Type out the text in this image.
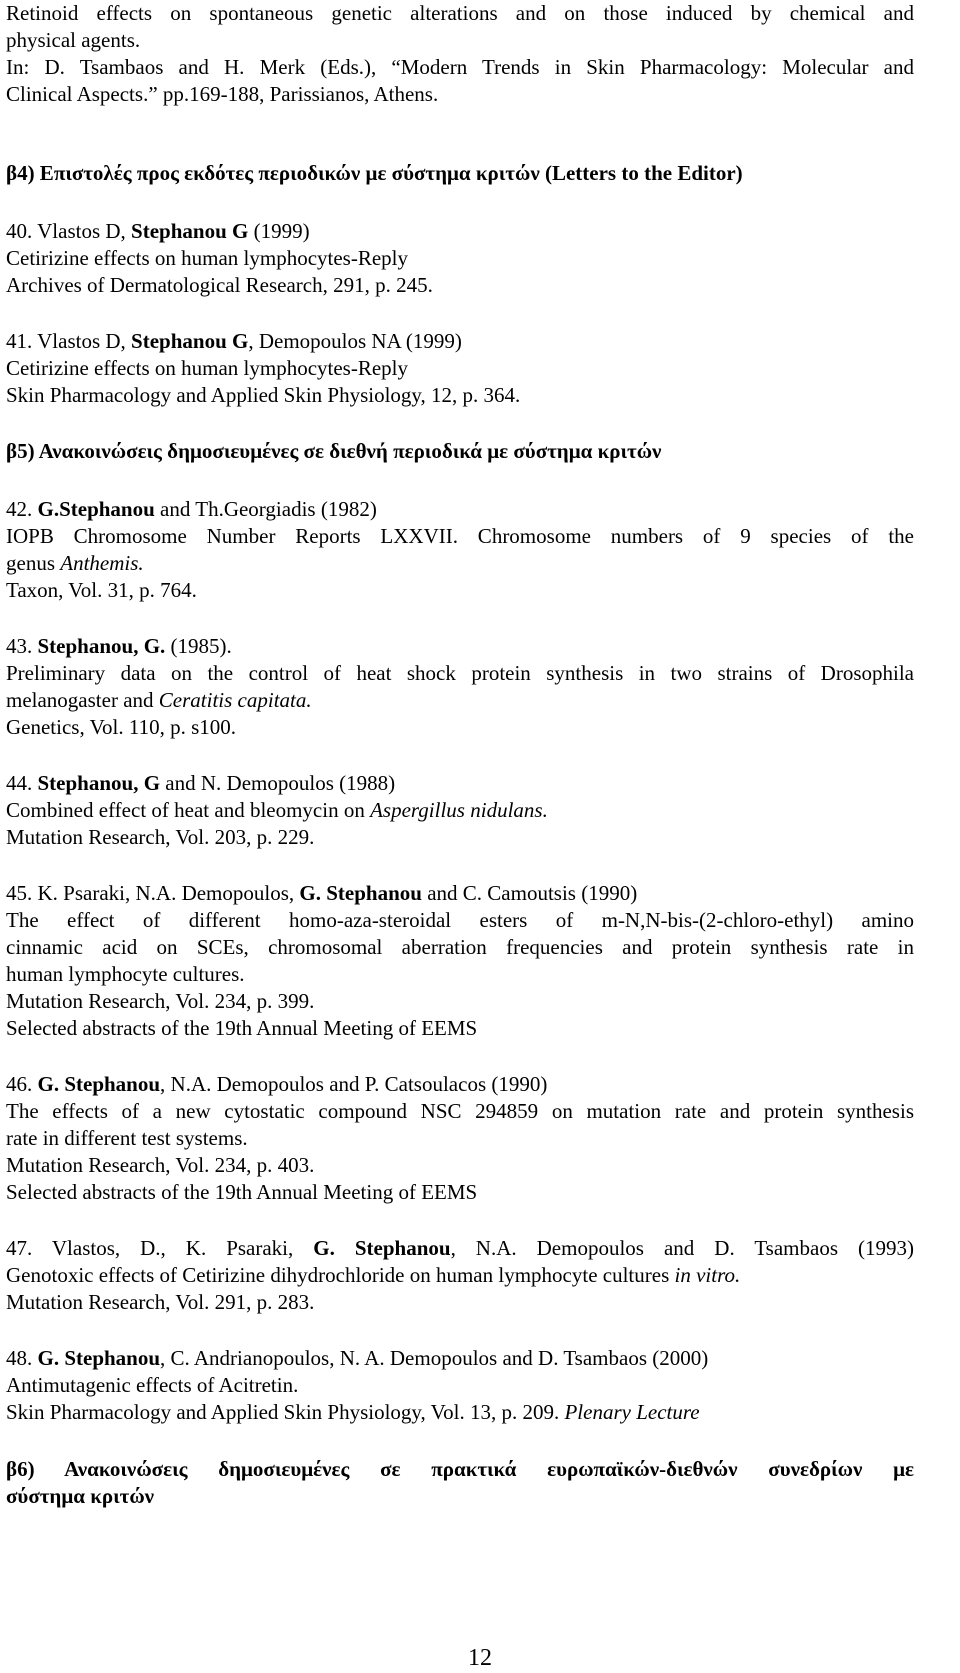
Retinoid effects on spontaneous genetic alterations and on those induced by chemical and
physical agents.
In: D. Tsambaos and H. Merk (Eds.), “Modern Trends in Skin Pharmacology: Molecular and
Clinical Aspects.” pp.169-188, Parissianos, Athens.
β4) Επιστολές προς εκδότες περιοδικών με σύστημα κριτών (Letters to the Editor)
40. Vlastos D, Stephanou G (1999)
Cetirizine effects on human lymphocytes-Reply
Archives of Dermatological Research, 291, p. 245.
41. Vlastos D, Stephanou G, Demopoulos NA (1999)
Cetirizine effects on human lymphocytes-Reply
Skin Pharmacology and Applied Skin Physiology, 12, p. 364.
β5) Ανακοινώσεις δημοσιευμένες σε διεθνή περιοδικά με σύστημα κριτών
42. G.Stephanou and Th.Georgiadis (1982)
IOPB Chromosome Number Reports LXXVII. Chromosome numbers of 9 species of the
genus Anthemis.
Taxon, Vol. 31, p. 764.
43. Stephanou, G. (1985).
Preliminary data on the control of heat shock protein synthesis in two strains of Drosophila
melanogaster and Ceratitis capitata.
Genetics, Vol. 110, p. s100.
44. Stephanou, G and N. Demopoulos (1988)
Combined effect of heat and bleomycin on Aspergillus nidulans.
Mutation Research, Vol. 203, p. 229.
45. K. Psaraki, N.A. Demopoulos, G. Stephanou and C. Camoutsis (1990)
The effect of different homo-aza-steroidal esters of m-N,N-bis-(2-chloro-ethyl) amino
cinnamic acid on SCEs, chromosomal aberration frequencies and protein synthesis rate in
human lymphocyte cultures.
Mutation Research, Vol. 234, p. 399.
Selected abstracts of the 19th Annual Meeting of EEMS
46. G. Stephanou, N.A. Demopoulos and P. Catsoulacos (1990)
The effects of a new cytostatic compound NSC 294859 on mutation rate and protein synthesis
rate in different test systems.
Mutation Research, Vol. 234, p. 403.
Selected abstracts of the 19th Annual Meeting of EEMS
47. Vlastos, D., K. Psaraki, G. Stephanou, N.A. Demopoulos and D. Tsambaos (1993)
Genotoxic effects of Cetirizine dihydrochloride on human lymphocyte cultures in vitro.
Mutation Research, Vol. 291, p. 283.
48. G. Stephanou, C. Andrianopoulos, N. A. Demopoulos and D. Tsambaos (2000)
Antimutagenic effects of Acitretin.
Skin Pharmacology and Applied Skin Physiology, Vol. 13, p. 209. Plenary Lecture
β6) Ανακοινώσεις δημοσιευμένες σε πρακτικά ευρωπαϊκών-διεθνών συνεδρίων με
σύστημα κριτών
12
